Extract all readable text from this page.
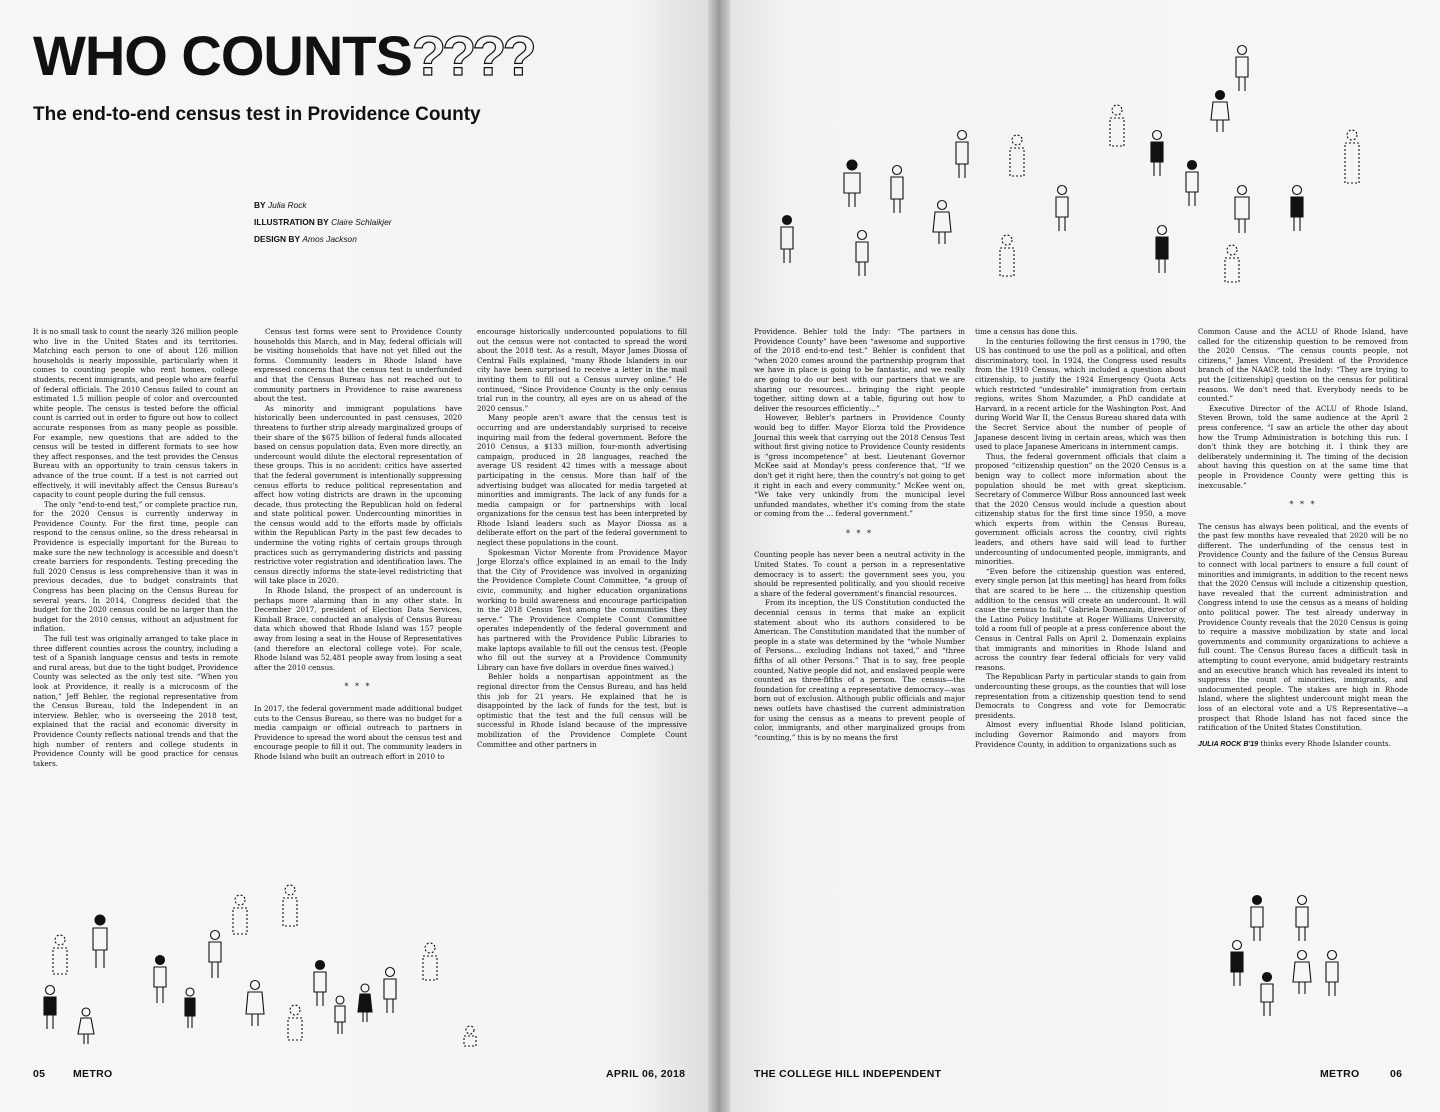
WHO COUNTS????
The end-to-end census test in Providence County
BY Julia Rock
ILLUSTRATION BY Claire Schlaikjer
DESIGN BY Amos Jackson

It is no small task to count the nearly 326 million people who live in the United States and its territories. Matching each person to one of about 126 million households is nearly impossible, particularly when it comes to counting people who rent homes, college students, recent immigrants, and people who are fearful of federal officials. The 2010 Census failed to count an estimated 1.5 million people of color and overcounted white people. The census is tested before the official count is carried out in order to figure out how to collect accurate responses from as many people as possible. For example, new questions that are added to the census will be tested in different formats to see how they affect responses, and the test provides the Census Bureau with an opportunity to train census takers in advance of the true count. If a test is not carried out effectively, it will inevitably affect the Census Bureau's capacity to count people during the full census.

The only “end-to-end test,” or complete practice run, for the 2020 Census is currently underway in Providence County. For the first time, people can respond to the census online, so the dress rehearsal in Providence is especially important for the Bureau to make sure the new technology is accessible and doesn't create barriers for respondents. Testing preceding the full 2020 Census is less comprehensive than it was in previous decades, due to budget constraints that Congress has been placing on the Census Bureau for several years. In 2014, Congress decided that the budget for the 2020 census could be no larger than the budget for the 2010 census, without an adjustment for inflation.

The full test was originally arranged to take place in three different counties across the country, including a test of a Spanish language census and tests in remote and rural areas, but due to the tight budget, Providence County was selected as the only test site. “When you look at Providence, it really is a microcosm of the nation,” Jeff Behler, the regional representative from the Census Bureau, told the Independent in an interview. Behler, who is overseeing the 2018 test, explained that the racial and economic diversity in Providence County reflects national trends and that the high number of renters and college students in Providence County will be good practice for census takers.

Census test forms were sent to Providence County households this March, and in May, federal officials will be visiting households that have not yet filled out the forms. Community leaders in Rhode Island have expressed concerns that the census test is underfunded and that the Census Bureau has not reached out to community partners in Providence to raise awareness about the test.

As minority and immigrant populations have historically been undercounted in past censuses, 2020 threatens to further strip already marginalized groups of their share of the $675 billion of federal funds allocated based on census population data. Even more directly, an undercount would dilute the electoral representation of these groups. This is no accident: critics have asserted that the federal government is intentionally suppressing census efforts to reduce political representation and affect how voting districts are drawn in the upcoming decade, thus protecting the Republican hold on federal and state political power. Undercounting minorities in the census would add to the efforts made by officials within the Republican Party in the past few decades to undermine the voting rights of certain groups through practices such as gerrymandering districts and passing restrictive voter registration and identification laws. The census directly informs the state-level redistricting that will take place in 2020.

In Rhode Island, the prospect of an undercount is perhaps more alarming than in any other state. In December 2017, president of Election Data Services, Kimball Brace, conducted an analysis of Census Bureau data which showed that Rhode Island was 157 people away from losing a seat in the House of Representatives (and therefore an electoral college vote). For scale, Rhode Island was 52,481 people away from losing a seat after the 2010 census.

* * *

In 2017, the federal government made additional budget cuts to the Census Bureau, so there was no budget for a media campaign or official outreach to partners in Providence to spread the word about the census test and encourage people to fill it out. The community leaders in Rhode Island who built an outreach effort in 2010 to

encourage historically undercounted populations to fill out the census were not contacted to spread the word about the 2018 test. As a result, Mayor James Diossa of Central Falls explained, “many Rhode Islanders in our city have been surprised to receive a letter in the mail inviting them to fill out a Census survey online.” He continued, “Since Providence County is the only census trial run in the country, all eyes are on us ahead of the 2020 census.”

Many people aren't aware that the census test is occurring and are understandably surprised to receive inquiring mail from the federal government. Before the 2010 Census, a $133 million, four-month advertising campaign, produced in 28 languages, reached the average US resident 42 times with a message about participating in the census. More than half of the advertising budget was allocated for media targeted at minorities and immigrants. The lack of any funds for a media campaign or for partnerships with local organizations for the census test has been interpreted by Rhode Island leaders such as Mayor Diossa as a deliberate effort on the part of the federal government to neglect these populations in the count.

Spokesman Victor Morente from Providence Mayor Jorge Elorza's office explained in an email to the Indy that the City of Providence was involved in organizing the Providence Complete Count Committee, “a group of civic, community, and higher education organizations working to build awareness and encourage participation in the 2018 Census Test among the communities they serve.” The Providence Complete Count Committee operates independently of the federal government and has partnered with the Providence Public Libraries to make laptops available to fill out the census test. (People who fill out the survey at a Providence Community Library can have five dollars in overdue fines waived.)

Behler holds a nonpartisan appointment as the regional director from the Census Bureau, and has held this job for 21 years. He explained that he is disappointed by the lack of funds for the test, but is optimistic that the test and the full census will be successful in Rhode Island because of the impressive mobilization of the Providence Complete Count Committee and other partners in

05	METRO	APRIL 06, 2018

Providence. Behler told the Indy: “The partners in Providence County” have been “awesome and supportive of the 2018 end-to-end test.” Behler is confident that “when 2020 comes around the partnership program that we have in place is going to be fantastic, and we really are going to do our best with our partners that we are sharing our resources… bringing the right people together, sitting down at a table, figuring out how to deliver the resources efficiently…”

However, Behler's partners in Providence County would beg to differ. Mayor Elorza told the Providence Journal this week that carrying out the 2018 Census Test without first giving notice to Providence County residents is “gross incompetence” at best. Lieutenant Governor McKee said at Monday's press conference that, “If we don't get it right here, then the country's not going to get it right in each and every community.” McKee went on, “We take very unkindly from the municipal level unfunded mandates, whether it's coming from the state or coming from the … federal government.”

* * *

Counting people has never been a neutral activity in the United States. To count a person in a representative democracy is to assert: the government sees you, you should be represented politically, and you should receive a share of the federal government's financial resources.

From its inception, the US Constitution conducted the decennial census in terms that make an explicit statement about who its authors considered to be American. The Constitution mandated that the number of people in a state was determined by the “whole Number of Persons… excluding Indians not taxed,” and “three fifths of all other Persons.” That is to say, free people counted, Native people did not, and enslaved people were counted as three-fifths of a person. The census—the foundation for creating a representative democracy—was born out of exclusion. Although public officials and major news outlets have chastised the current administration for using the census as a means to prevent people of color, immigrants, and other marginalized groups from “counting,” this is by no means the first

time a census has done this.

In the centuries following the first census in 1790, the US has continued to use the poll as a political, and often discriminatory, tool. In 1924, the Congress used results from the 1910 Census, which included a question about citizenship, to justify the 1924 Emergency Quota Acts which restricted “undesirable” immigration from certain regions, writes Shom Mazumder, a PhD candidate at Harvard, in a recent article for the Washington Post. And during World War II, the Census Bureau shared data with the Secret Service about the number of people of Japanese descent living in certain areas, which was then used to place Japanese Americans in internment camps.

Thus, the federal government officials that claim a proposed “citizenship question” on the 2020 Census is a benign way to collect more information about the population should be met with great skepticism. Secretary of Commerce Wilbur Ross announced last week that the 2020 Census would include a question about citizenship status for the first time since 1950, a move which experts from within the Census Bureau, government officials across the country, civil rights leaders, and others have said will lead to further undercounting of undocumented people, immigrants, and minorities.

“Even before the citizenship question was entered, every single person [at this meeting] has heard from folks that are scared to be here … the citizenship question addition to the census will create an undercount. It will cause the census to fail,” Gabriela Domenzain, director of the Latino Policy Institute at Roger Williams University, told a room full of people at a press conference about the Census in Central Falls on April 2. Domenzain explains that immigrants and minorities in Rhode Island and across the country fear federal officials for very valid reasons.

The Republican Party in particular stands to gain from undercounting these groups, as the counties that will lose representation from a citizenship question tend to send Democrats to Congress and vote for Democratic presidents.

Almost every influential Rhode Island politician, including Governor Raimondo and mayors from Providence County, in addition to organizations such as

Common Cause and the ACLU of Rhode Island, have called for the citizenship question to be removed from the 2020 Census. “The census counts people, not citizens,” James Vincent, President of the Providence branch of the NAACP, told the Indy: “They are trying to put the [citizenship] question on the census for political reasons. We don't need that. Everybody needs to be counted.”

Executive Director of the ACLU of Rhode Island, Steven Brown, told the same audience at the April 2 press conference, “I saw an article the other day about how the Trump Administration is botching this run. I don't think they are botching it. I think they are deliberately undermining it. The timing of the decision about having this question on at the same time that people in Providence County were getting this is inexcusable.”

* * *

The census has always been political, and the events of the past few months have revealed that 2020 will be no different. The underfunding of the census test in Providence County and the failure of the Census Bureau to connect with local partners to ensure a full count of minorities and immigrants, in addition to the recent news that the 2020 Census will include a citizenship question, have revealed that the current administration and Congress intend to use the census as a means of holding onto political power. The test already underway in Providence County reveals that the 2020 Census is going to require a massive mobilization by state and local governments and community organizations to achieve a full count. The Census Bureau faces a difficult task in attempting to count everyone, amid budgetary restraints and an executive branch which has revealed its intent to suppress the count of minorities, immigrants, and undocumented people. The stakes are high in Rhode Island, where the slightest undercount might mean the loss of an electoral vote and a US Representative—a prospect that Rhode Island has not faced since the ratification of the United States Constitution.

JULIA ROCK B'19 thinks every Rhode Islander counts.

THE COLLEGE HILL INDEPENDENT	METRO	06
